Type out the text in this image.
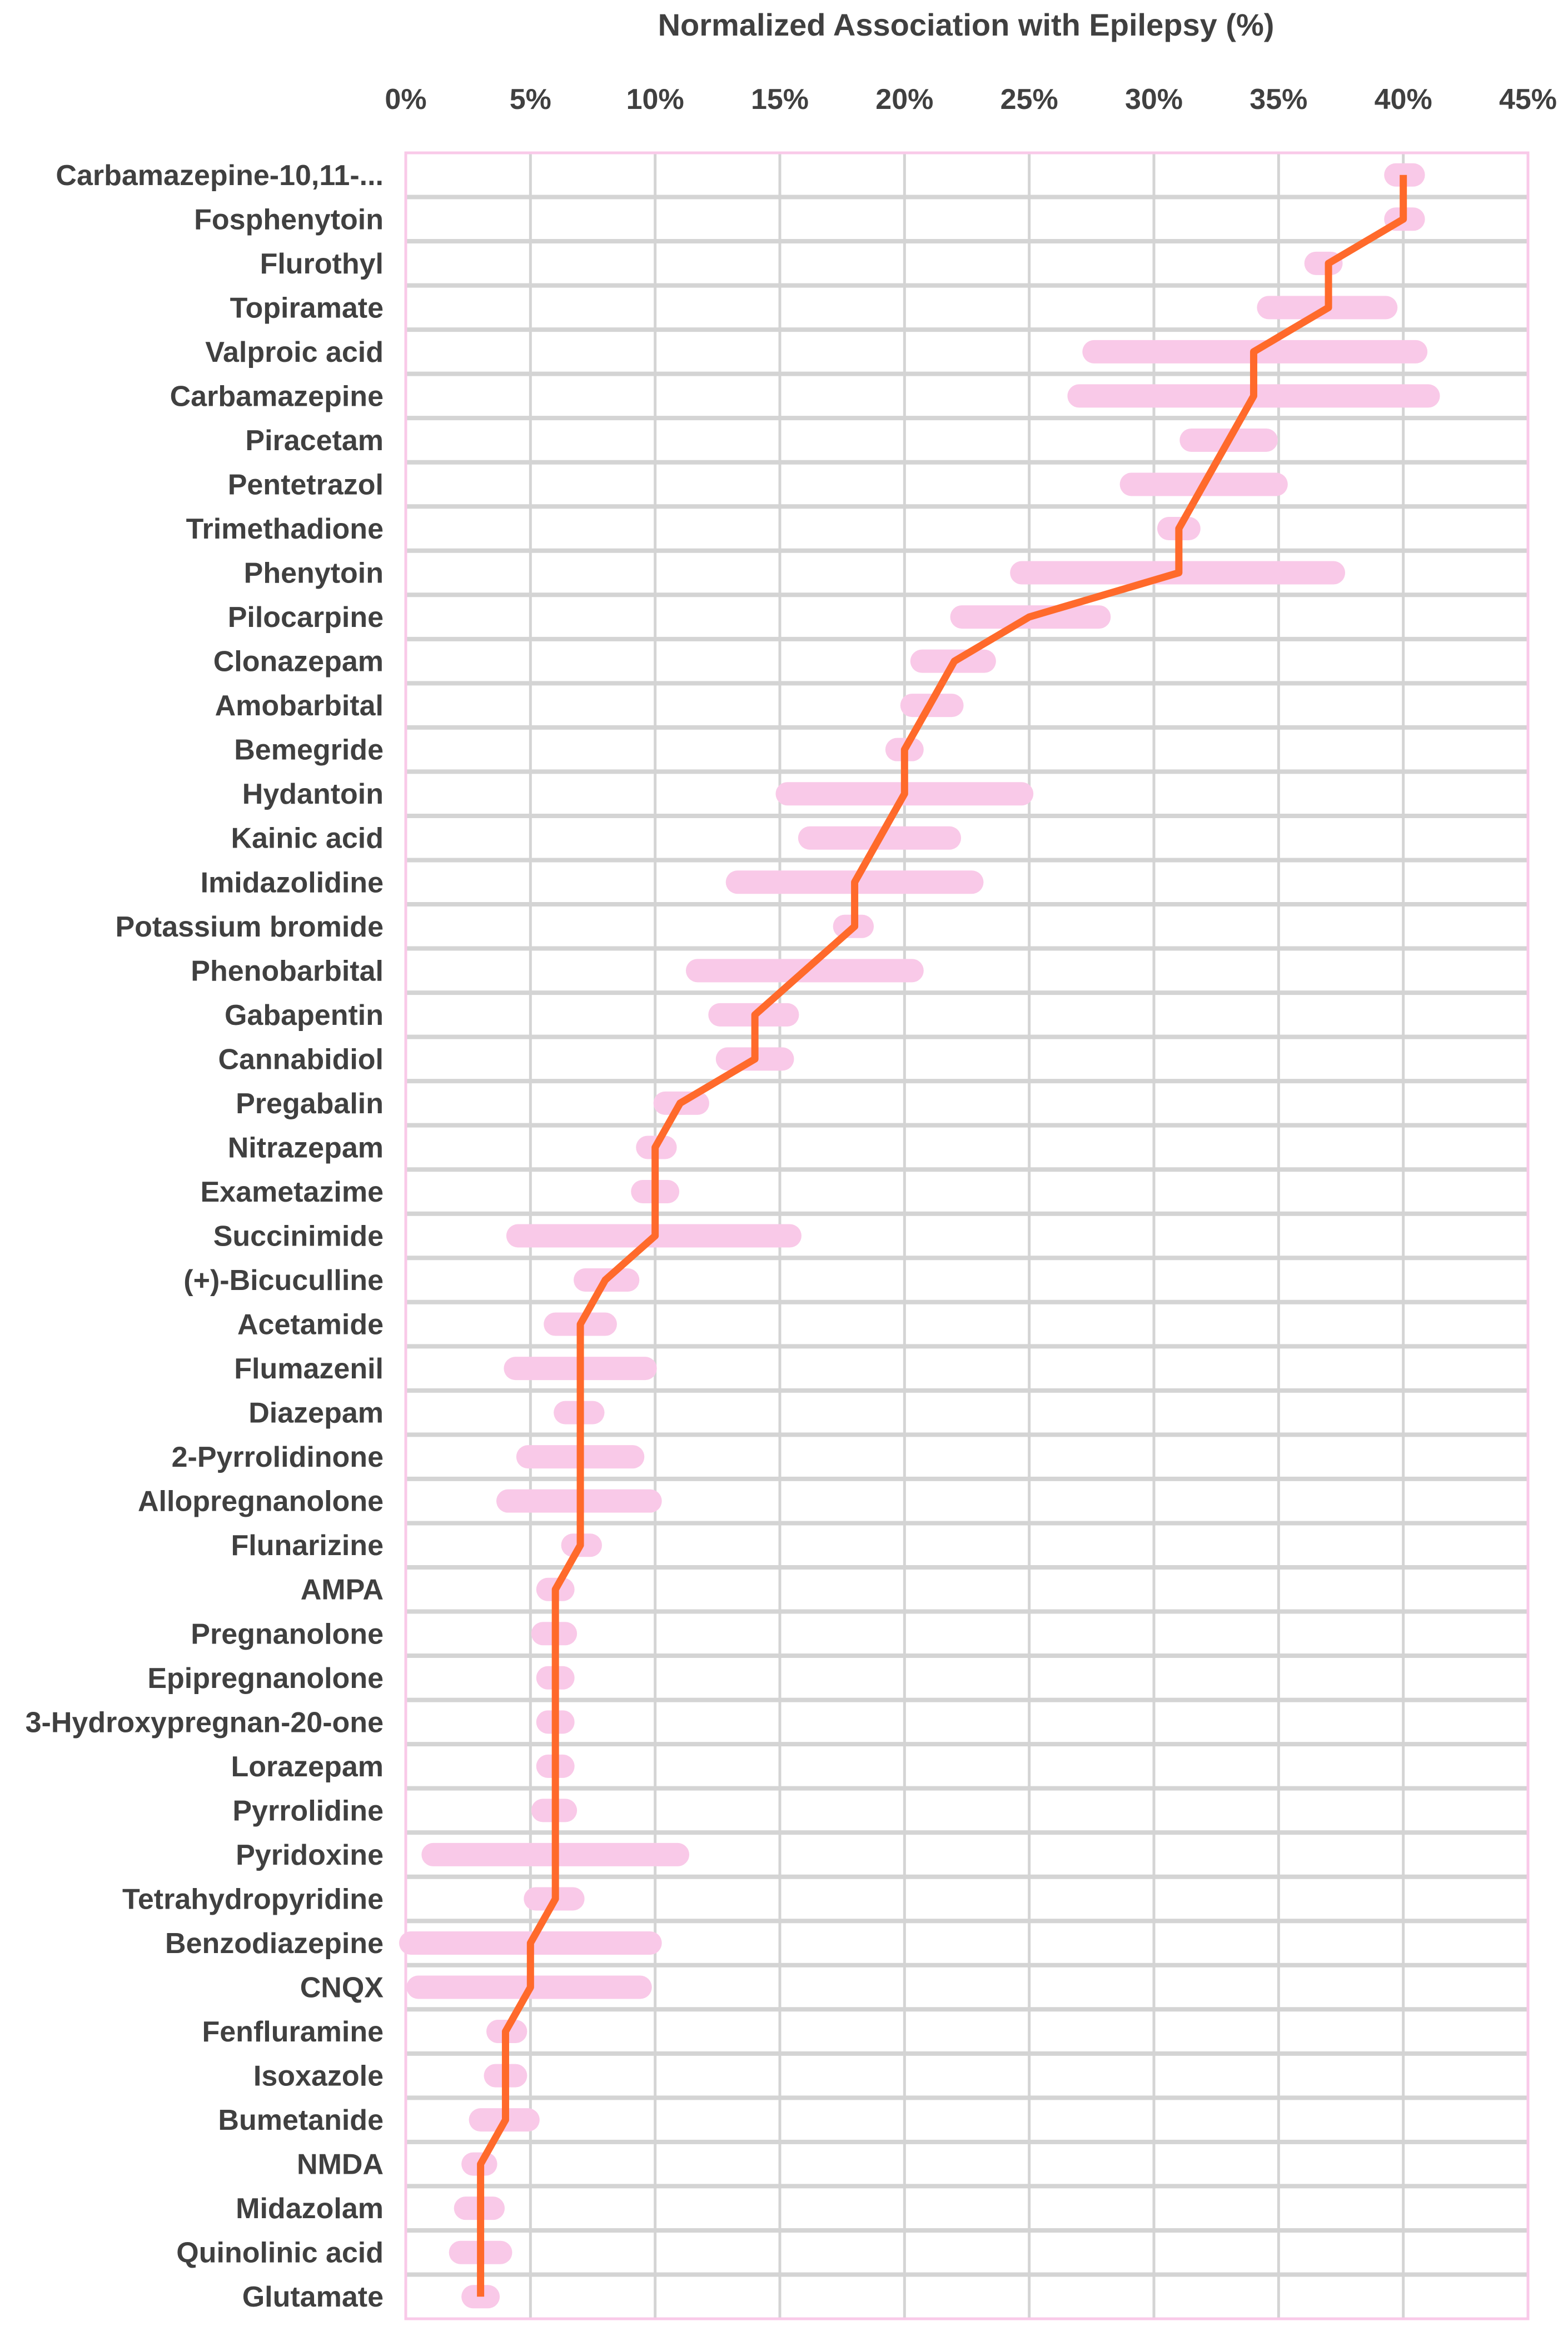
Normalized Association with Epilepsy (%)
0%	5%	10% 15% 20% 25% 30% 35% 40% 45%
Carbamazepine-10,11-...
Fosphenytoin
Flurothyl
Topiramate
Valproic acid
Carbamazepine
Piracetam
Pentetrazol
Trimethadione
Phenytoin
Pilocarpine
Clonazepam
Amobarbital
Bemegride
Hydantoin
Kainic acid
Imidazolidine
Potassium bromide
Phenobarbital
Gabapentin
Cannabidiol
Pregabalin
Nitrazepam
Exametazime
Succinimide
(+)-Bicuculline
Acetamide
Flumazenil
Diazepam
2-Pyrrolidinone
Allopregnanolone
Flunarizine
AMPA
Pregnanolone
Epipregnanolone
3-Hydroxypregnan-20-one
Lorazepam
Pyrrolidine
Pyridoxine
Tetrahydropyridine
Benzodiazepine
CNQX
Fenfluramine
Isoxazole
Bumetanide
NMDA
Midazolam
Quinolinic acid
Glutamate
